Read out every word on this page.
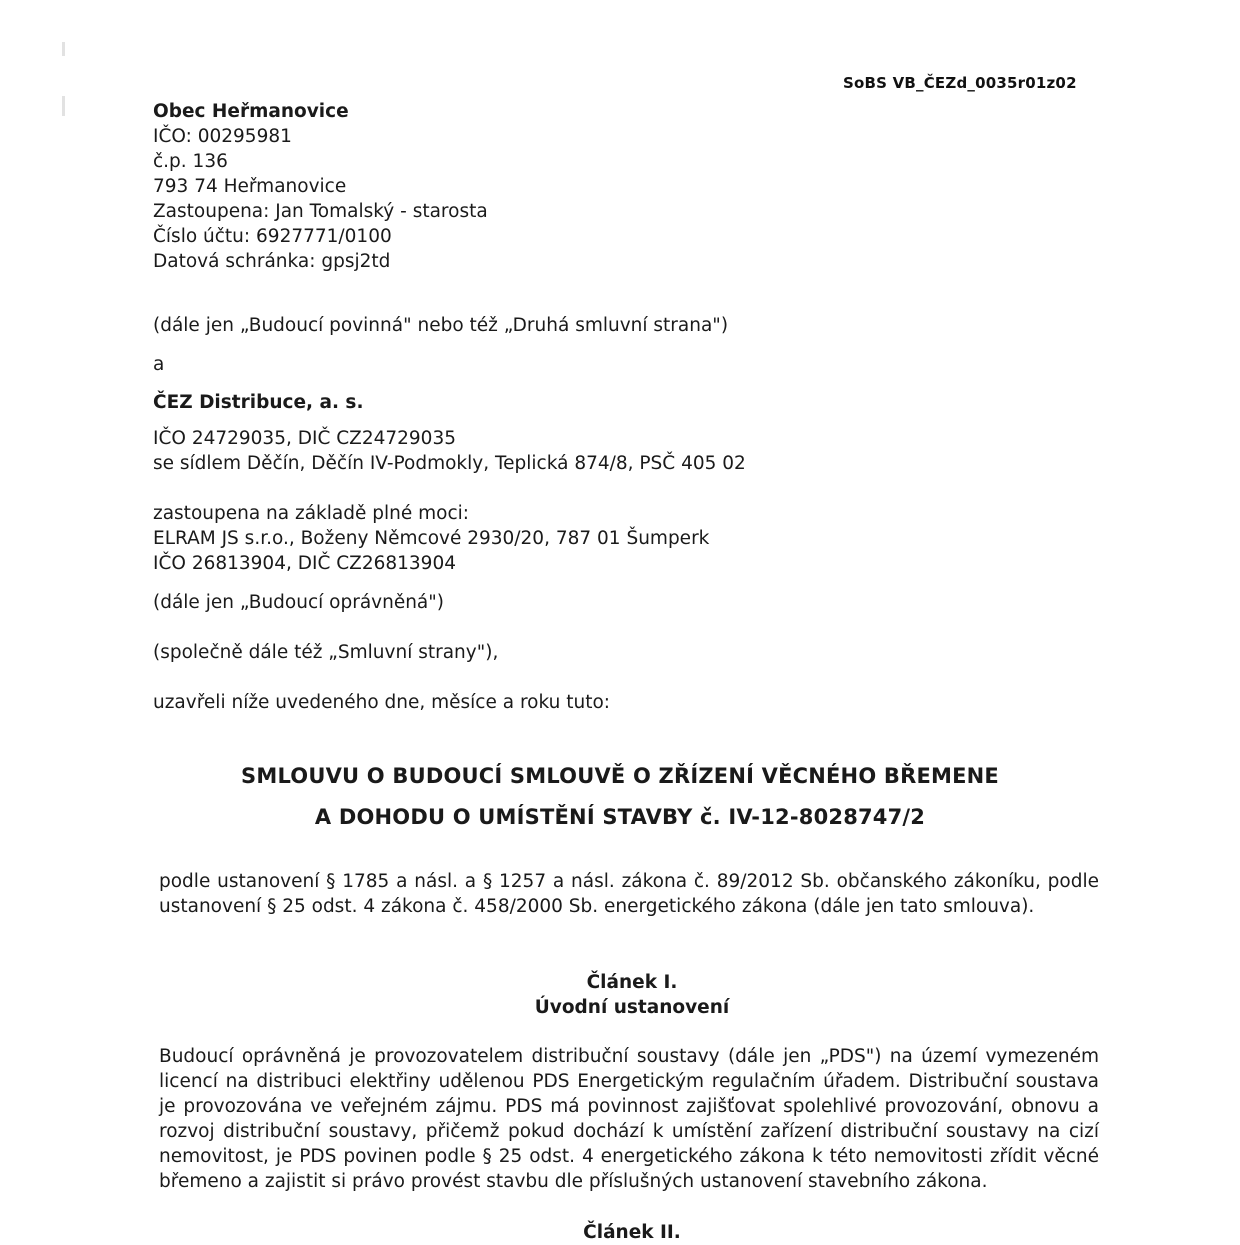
SoBS VB_ČEZd_0035r01z02
Obec Heřmanovice
IČO: 00295981
č.p. 136
793 74 Heřmanovice
Zastoupena: Jan Tomalský - starosta
Číslo účtu: 6927771/0100
Datová schránka: gpsj2td
(dále jen „Budoucí povinná" nebo též „Druhá smluvní strana")
a
ČEZ Distribuce, a. s.
IČO 24729035, DIČ CZ24729035
se sídlem Děčín, Děčín IV-Podmokly, Teplická 874/8, PSČ 405 02
zastoupena na základě plné moci:
ELRAM JS s.r.o., Boženy Němcové 2930/20, 787 01 Šumperk
IČO 26813904, DIČ CZ26813904
(dále jen „Budoucí oprávněná")
(společně dále též „Smluvní strany"),
uzavřeli níže uvedeného dne, měsíce a roku tuto:
SMLOUVU O BUDOUCÍ SMLOUVĚ O ZŘÍZENÍ VĚCNÉHO BŘEMENE
A DOHODU O UMÍSTĚNÍ STAVBY č. IV-12-8028747/2
podle ustanovení § 1785 a násl. a § 1257 a násl. zákona č. 89/2012 Sb. občanského zákoníku, podle ustanovení § 25 odst. 4 zákona č. 458/2000 Sb. energetického zákona (dále jen tato smlouva).
Článek I.
Úvodní ustanovení
Budoucí oprávněná je provozovatelem distribuční soustavy (dále jen „PDS") na území vymezeném licencí na distribuci elektřiny udělenou PDS Energetickým regulačním úřadem. Distribuční soustava je provozována ve veřejném zájmu. PDS má povinnost zajišťovat spolehlivé provozování, obnovu a rozvoj distribuční soustavy, přičemž pokud dochází k umístění zařízení distribuční soustavy na cizí nemovitost, je PDS povinen podle § 25 odst. 4 energetického zákona k této nemovitosti zřídit věcné břemeno a zajistit si právo provést stavbu dle příslušných ustanovení stavebního zákona.
Článek II.
